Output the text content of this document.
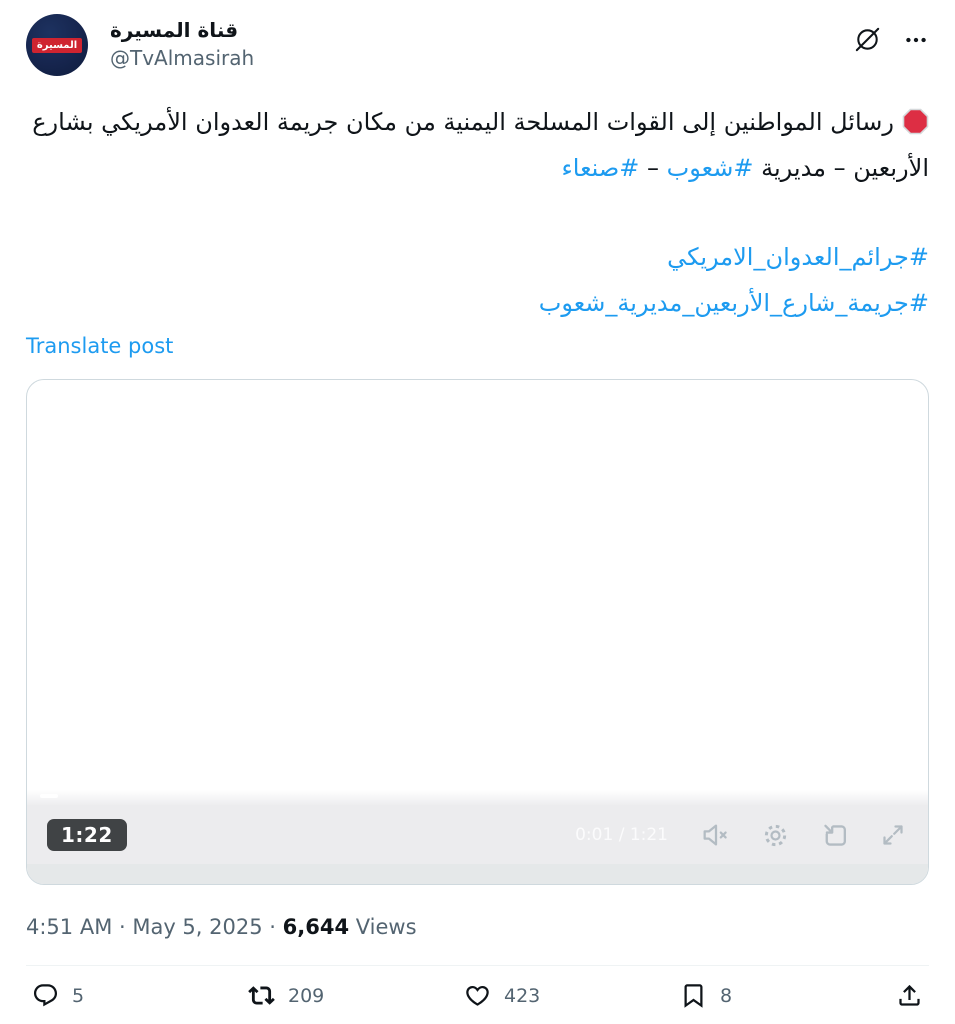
المسيرة
قناة المسيرة
@TvAlmasirah

رسائل المواطنين إلى القوات المسلحة اليمنية من مكان جريمة العدوان الأمريكي بشارع الأربعين – مديرية #شعوب – #صنعاء

#جرائم_العدوان_الامريكي
#جريمة_شارع_الأربعين_مديرية_شعوب

Translate post
1:22	0:01 / 1:21
4:51 AM · May 5, 2025 · 6,644 Views
5	209	423	8
